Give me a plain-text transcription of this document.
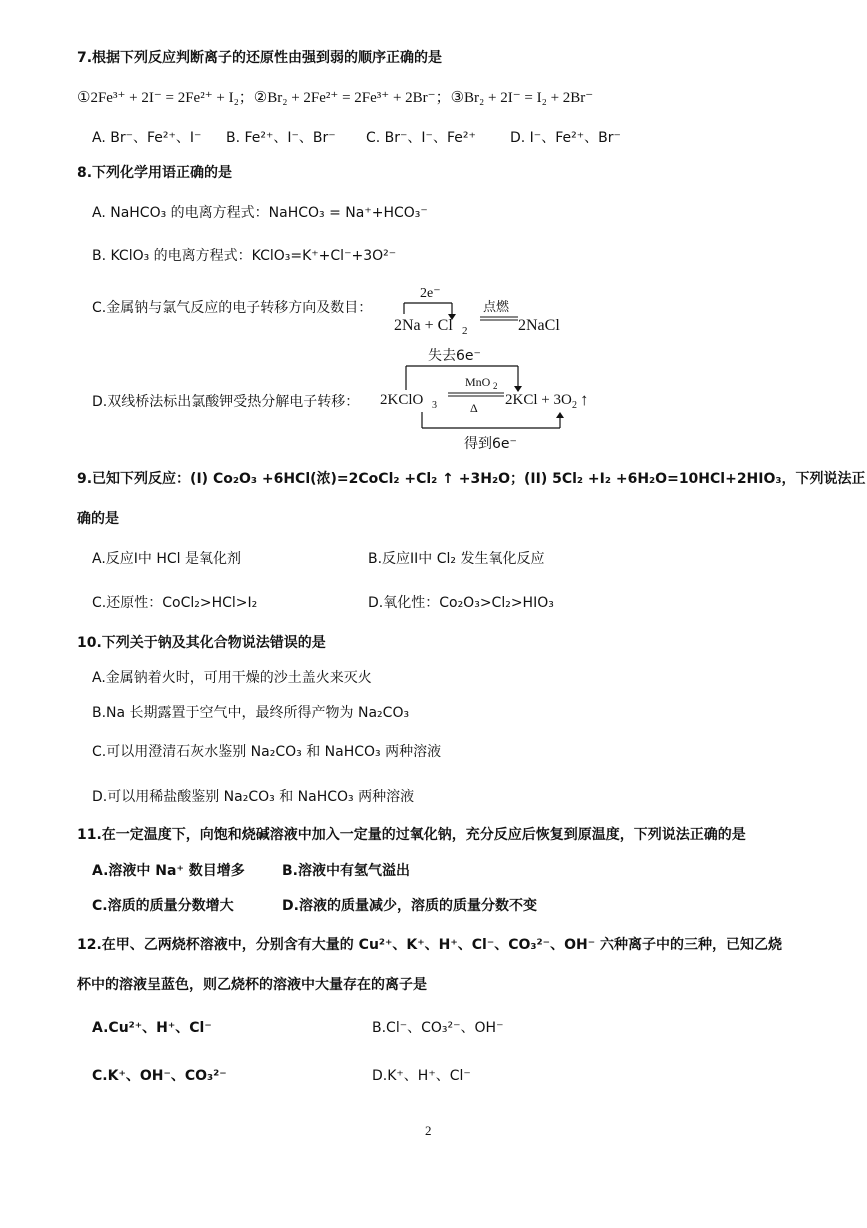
7.根据下列反应判断离子的还原性由强到弱的顺序正确的是
①2Fe³⁺ + 2I⁻ = 2Fe²⁺ + I₂；②Br₂ + 2Fe²⁺ = 2Fe³⁺ + 2Br⁻；③Br₂ + 2I⁻ = I₂ + 2Br⁻
A. Br⁻、Fe²⁺、I⁻ B. Fe²⁺、I⁻、Br⁻ C. Br⁻、I⁻、Fe²⁺ D. I⁻、Fe²⁺、Br⁻
8.下列化学用语正确的是
A. NaHCO₃ 的电离方程式：NaHCO₃ = Na⁺+HCO₃⁻
B. KClO₃ 的电离方程式：KClO₃=K⁺+Cl⁻+3O²⁻
C.金属钠与氯气反应的电子转移方向及数目：
2e⁻
点燃
2Na + Cl 2	2NaCl
D.双线桥法标出氯酸钾受热分解电子转移：
失去6e⁻
MnO 2
Δ
2KClO 3	2KCl + 3O 2 ↑
得到6e⁻
9.已知下列反应：(I) Co₂O₃ +6HCl(浓)=2CoCl₂ +Cl₂ ↑ +3H₂O；(II) 5Cl₂ +I₂ +6H₂O=10HCl+2HIO₃，下列说法正
确的是
A.反应I中 HCl 是氧化剂	B.反应II中 Cl₂ 发生氧化反应
C.还原性：CoCl₂>HCl>I₂	D.氧化性：Co₂O₃>Cl₂>HIO₃
10.下列关于钠及其化合物说法错误的是
A.金属钠着火时，可用干燥的沙土盖火来灭火
B.Na 长期露置于空气中，最终所得产物为 Na₂CO₃
C.可以用澄清石灰水鉴别 Na₂CO₃ 和 NaHCO₃ 两种溶液
D.可以用稀盐酸鉴别 Na₂CO₃ 和 NaHCO₃ 两种溶液
11.在一定温度下，向饱和烧碱溶液中加入一定量的过氧化钠，充分反应后恢复到原温度，下列说法正确的是
A.溶液中 Na⁺ 数目增多	B.溶液中有氢气溢出
C.溶质的质量分数增大	D.溶液的质量减少，溶质的质量分数不变
12.在甲、乙两烧杯溶液中，分别含有大量的 Cu²⁺、K⁺、H⁺、Cl⁻、CO₃²⁻、OH⁻ 六种离子中的三种，已知乙烧
杯中的溶液呈蓝色，则乙烧杯的溶液中大量存在的离子是
A.Cu²⁺、H⁺、Cl⁻	B.Cl⁻、CO₃²⁻、OH⁻
C.K⁺、OH⁻、CO₃²⁻	D.K⁺、H⁺、Cl⁻
2
